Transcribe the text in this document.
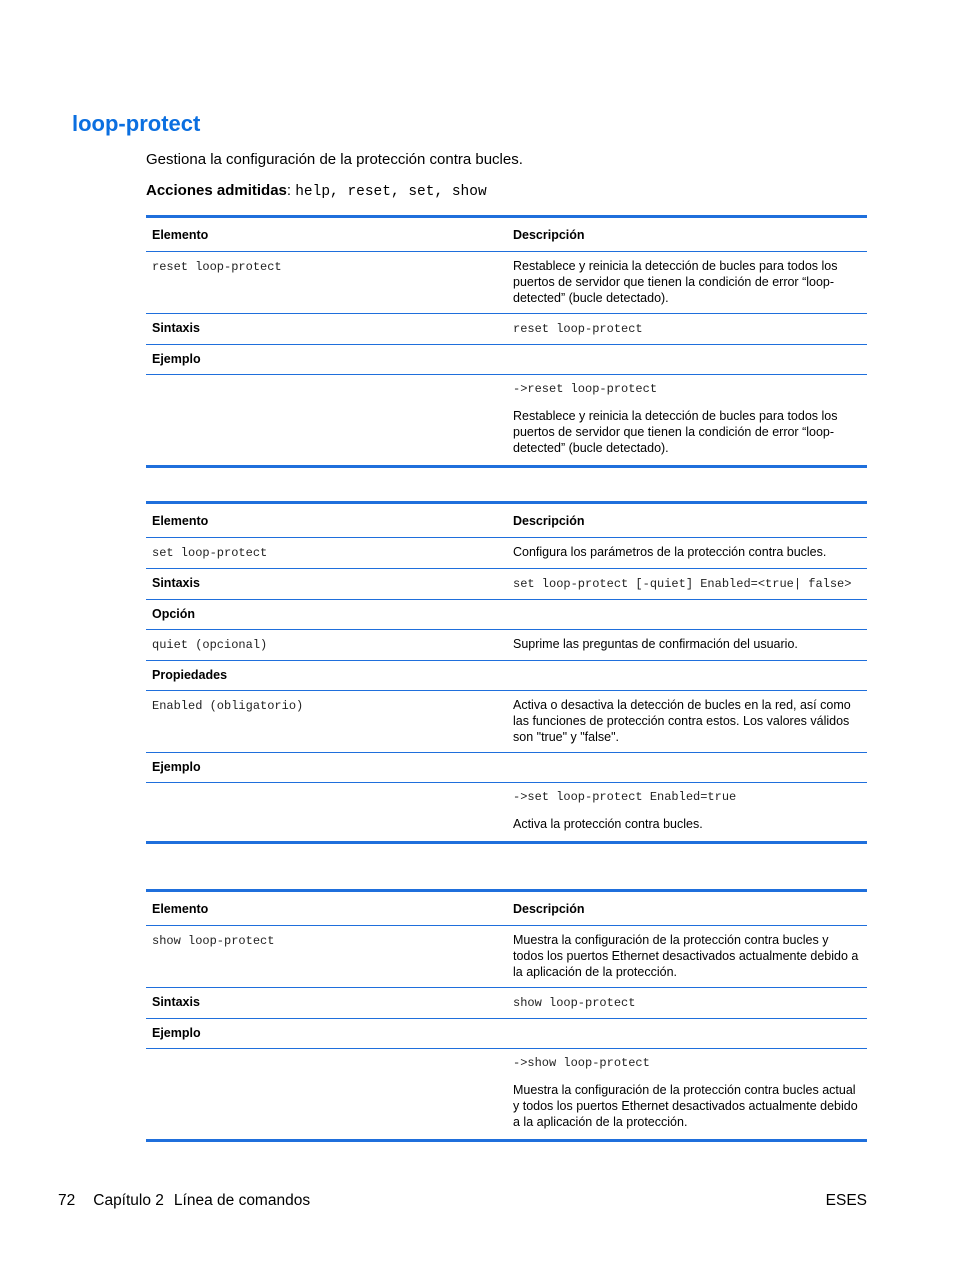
loop-protect

Gestiona la configuración de la protección contra bucles.

Acciones admitidas: help, reset, set, show

Elemento	Descripción
reset loop-protect	Restablece y reinicia la detección de bucles para todos los puertos de servidor que tienen la condición de error “loop-detected” (bucle detectado).
Sintaxis	reset loop-protect
Ejemplo	

	->reset loop-protect
Restablece y reinicia la detección de bucles para todos los puertos de servidor que tienen la condición de error “loop-detected” (bucle detectado).
Elemento	Descripción
set loop-protect	Configura los parámetros de la protección contra bucles.
Sintaxis	set loop-protect [-quiet] Enabled=<true| false>
Opción	
quiet (opcional)	Suprime las preguntas de confirmación del usuario.
Propiedades	
Enabled (obligatorio)	Activa o desactiva la detección de bucles en la red, así como las funciones de protección contra estos. Los valores válidos son "true" y "false".
Ejemplo	

	->set loop-protect Enabled=true
Activa la protección contra bucles.
Elemento	Descripción
show loop-protect	Muestra la configuración de la protección contra bucles y todos los puertos Ethernet desactivados actualmente debido a la aplicación de la protección.
Sintaxis	show loop-protect
Ejemplo	

	->show loop-protect
Muestra la configuración de la protección contra bucles actual y todos los puertos Ethernet desactivados actualmente debido a la aplicación de la protección.
72 Capítulo 2 Línea de comandos	ESES
